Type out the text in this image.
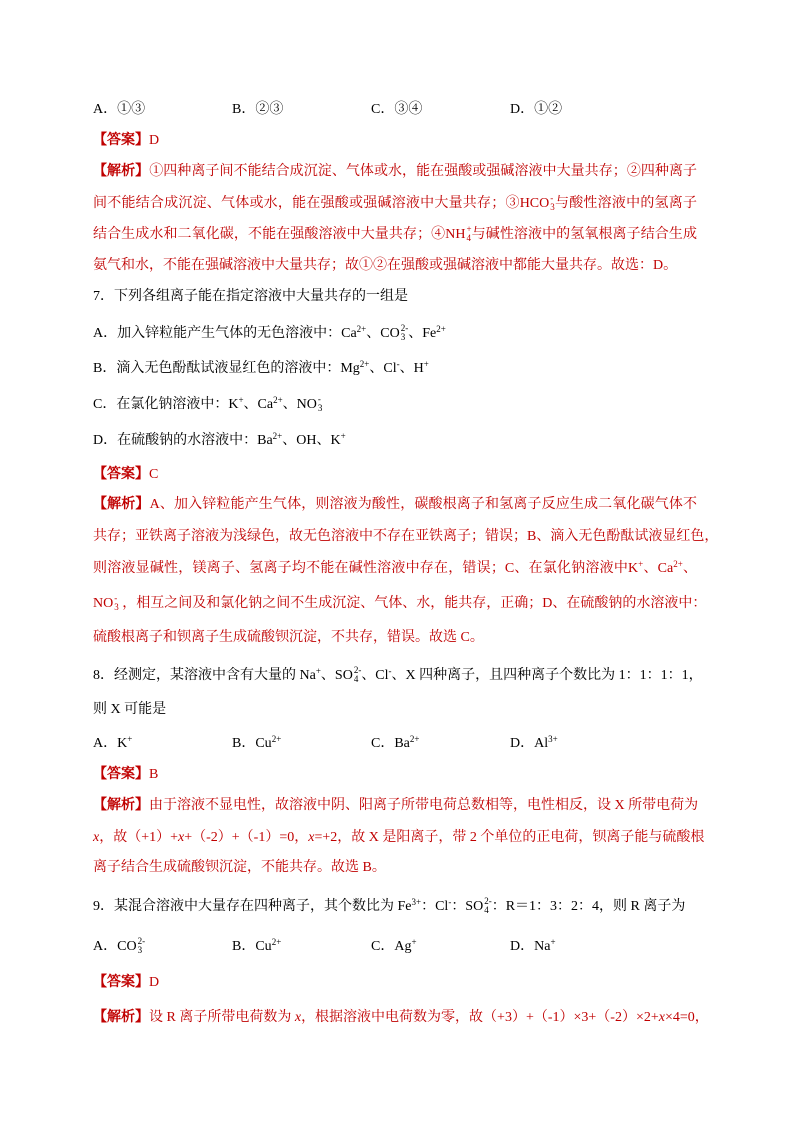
A．①③	B．②③	C．③④	D．①②
【答案】D
【解析】①四种离子间不能结合成沉淀、气体或水，能在强酸或强碱溶液中大量共存；②四种离子
间不能结合成沉淀、气体或水，能在强酸或强碱溶液中大量共存；③HCO -
3 与酸性溶液中的氢离子
结合生成水和二氧化碳，不能在强酸溶液中大量共存；④NH +
4 与碱性溶液中的氢氧根离子结合生成
氨气和水，不能在强碱溶液中大量共存；故①②在强酸或强碱溶液中都能大量共存。故选：D。
7．下列各组离子能在指定溶液中大量共存的一组是
A．加入锌粒能产生气体的无色溶液中：$Ca^{2+}$、CO 2-
3 、$Fe^{2+}$
B．滴入无色酚酞试液显红色的溶液中：$Mg^{2+}$、Cl-、H+
C．在氯化钠溶液中：K+、$Ca^{2+}$、NO -
3
D．在硫酸钠的水溶液中：$Ba^{2+}$、OH、K+
【答案】C
【解析】A、加入锌粒能产生气体，则溶液为酸性，碳酸根离子和氢离子反应生成二氧化碳气体不
共存；亚铁离子溶液为浅绿色，故无色溶液中不存在亚铁离子；错误；B、滴入无色酚酞试液显红色，
则溶液显碱性，镁离子、氢离子均不能在碱性溶液中存在，错误；C、在氯化钠溶液中K+、$Ca^{2+}$、
NO -
3 ，相互之间及和氯化钠之间不生成沉淀、气体、水，能共存，正确；D、在硫酸钠的水溶液中：
硫酸根离子和钡离子生成硫酸钡沉淀，不共存，错误。故选 C。
8．经测定，某溶液中含有大量的 Na+、SO 2-
4 、Cl-、X 四种离子，且四种离子个数比为 1：1：1：1，
则 X 可能是
A．K+	B．$Cu^{2+}$	C．$Ba^{2+}$	D．$Al^{3+}$
【答案】B
【解析】由于溶液不显电性，故溶液中阴、阳离子所带电荷总数相等，电性相反，设 X 所带电荷为
x，故（+1）+x+（-2）+（-1）=0，x=+2，故 X 是阳离子，带 2 个单位的正电荷，钡离子能与硫酸根
离子结合生成硫酸钡沉淀，不能共存。故选 B。
9．某混合溶液中大量存在四种离子，其个数比为 $Fe^{3+}$：Cl-：SO 2-
4 ：R＝1：3：2：4，则 R 离子为
A．CO 2-
3	B．$Cu^{2+}$	C．Ag+	D．Na+
【答案】D
【解析】设 R 离子所带电荷数为 x，根据溶液中电荷数为零，故（+3）+（-1）×3+（-2）×2+x×4=0，
